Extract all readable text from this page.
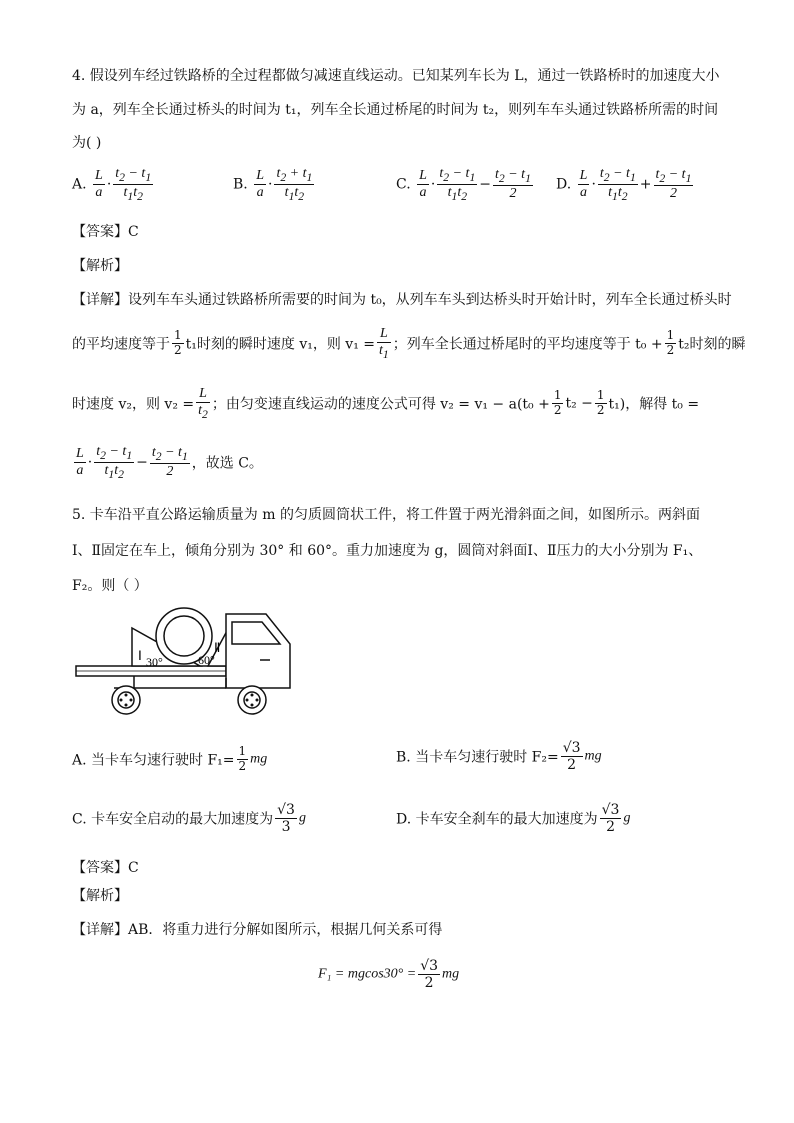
4. 假设列车经过铁路桥的全过程都做匀减速直线运动。已知某列车长为 L，通过一铁路桥时的加速度大小
为 a，列车全长通过桥头的时间为 t₁，列车全长通过桥尾的时间为 t₂，则列车车头通过铁路桥所需的时间
为( )
A. $\frac{L}{a} \cdot \frac{t_2 - t_1}{t_1t_2}$	B. $\frac{L}{a} \cdot \frac{t_2 + t_1}{t_1t_2}$	C. $\frac{L}{a} \cdot \frac{t_2 - t_1}{t_1t_2} - \frac{t_2 - t_1}{2} D$. $\frac{L}{a} \cdot \frac{t_2 - t_1}{t_1t_2} + \frac{t_2 - t_1}{2}$
【答案】C
【解析】
【详解】设列车车头通过铁路桥所需要的时间为 t₀，从列车车头到达桥头时开始计时，列车全长通过桥头时
的平均速度等于 $\frac{1}{2} t_1$时刻的瞬时速度 v₁，则 $v_1 = \frac{L}{t_1}$ ；列车全长通过桥尾时的平均速度等于 $t_0 + \frac{1}{2} t_2$时刻的瞬
时速度 v₂，则 $v_2 = \frac{L}{t_2}$ ；由匀变速直线运动的速度公式可得 $v_2 = v_1 - a(t_0 + \frac{1}{2} t_2 - \frac{1}{2} t_1)$，解得 t₀ =
$\frac{L}{a} \cdot \frac{t_2 - t_1}{t_1t_2} - \frac{t_2 - t_1}{2}$ ，故选 C。
5. 卡车沿平直公路运输质量为 m 的匀质圆筒状工件，将工件置于两光滑斜面之间，如图所示。两斜面
Ⅰ、Ⅱ固定在车上，倾角分别为 30° 和 60°。重力加速度为 g，圆筒对斜面Ⅰ、Ⅱ压力的大小分别为 F₁、
F₂。则（ ）
Ⅰ
Ⅱ
30°	60°
A. 当卡车匀速行驶时 $F_1= \frac{1}{2}$ mg	B. 当卡车匀速行驶时 $F_2= \frac{√3}{2}$ mg
C. 卡车安全启动的最大加速度为 $\frac{√3}{3}$ g	D. 卡车安全刹车的最大加速度为 $\frac{√3}{2}$ g
【答案】C
【解析】
【详解】AB．将重力进行分解如图所示，根据几何关系可得
$F_1 = mgcos30^\circ = \frac{√3}{2}$ mg
